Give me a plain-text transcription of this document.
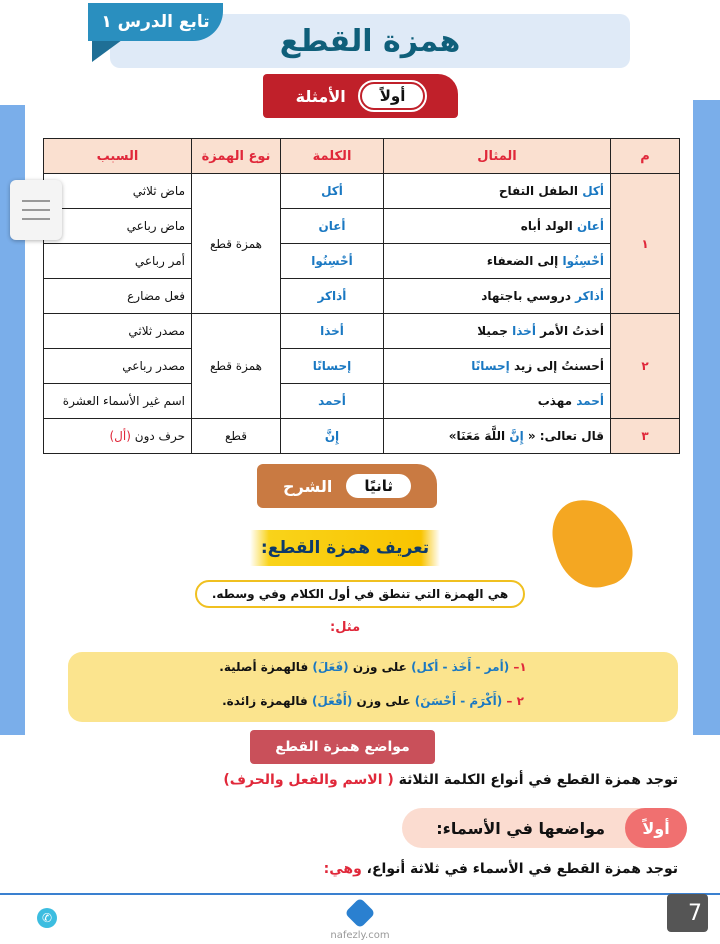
همزة القطع
تابع الدرس ١
أولاً
الأمثلة
م	المثال	الكلمة	نوع الهمزة	السبب
١	أكل الطفل التفاح	أكل	همزة قطع	ماض ثلاثي
	أعان الولد أباه	أعان		ماض رباعي
	أحْسِنُوا إلى الضعفاء	أحْسِنُوا		أمر رباعي
	أذاكر دروسي باجتهاد	أذاكر		فعل مضارع
٢	أخذتُ الأمر أخذا جميلا	أخذا	همزة قطع	مصدر ثلاثي
	أحسنتُ إلى زيد إحسانًا	إحسانًا		مصدر رباعي
	أحمد مهذب	أحمد		اسم غير الأسماء العشرة
٣	قال تعالى: « إِنَّ اللَّهَ مَعَنَا»	إِنَّ	قطع	حرف دون (أل)
ثانيًا
الشرح
تعريف همزة القطع:
هي الهمزة التي تنطق في أول الكلام وفي وسطه.
مثل:
١– (أمر - أَخَذ - أكل) على وزن (فَعَلَ) فالهمزة أصلية.
٢ – (أَكْرَمَ - أَحْسَنَ) على وزن (أَفْعَلَ) فالهمزة زائدة.
مواضع همزة القطع
توجد همزة القطع في أنواع الكلمة الثلاثة ( الاسم والفعل والحرف)
أولاً
مواضعها في الأسماء:
توجد همزة القطع في الأسماء في ثلاثة أنواع، وهي:
✆
nafezly.com
7
